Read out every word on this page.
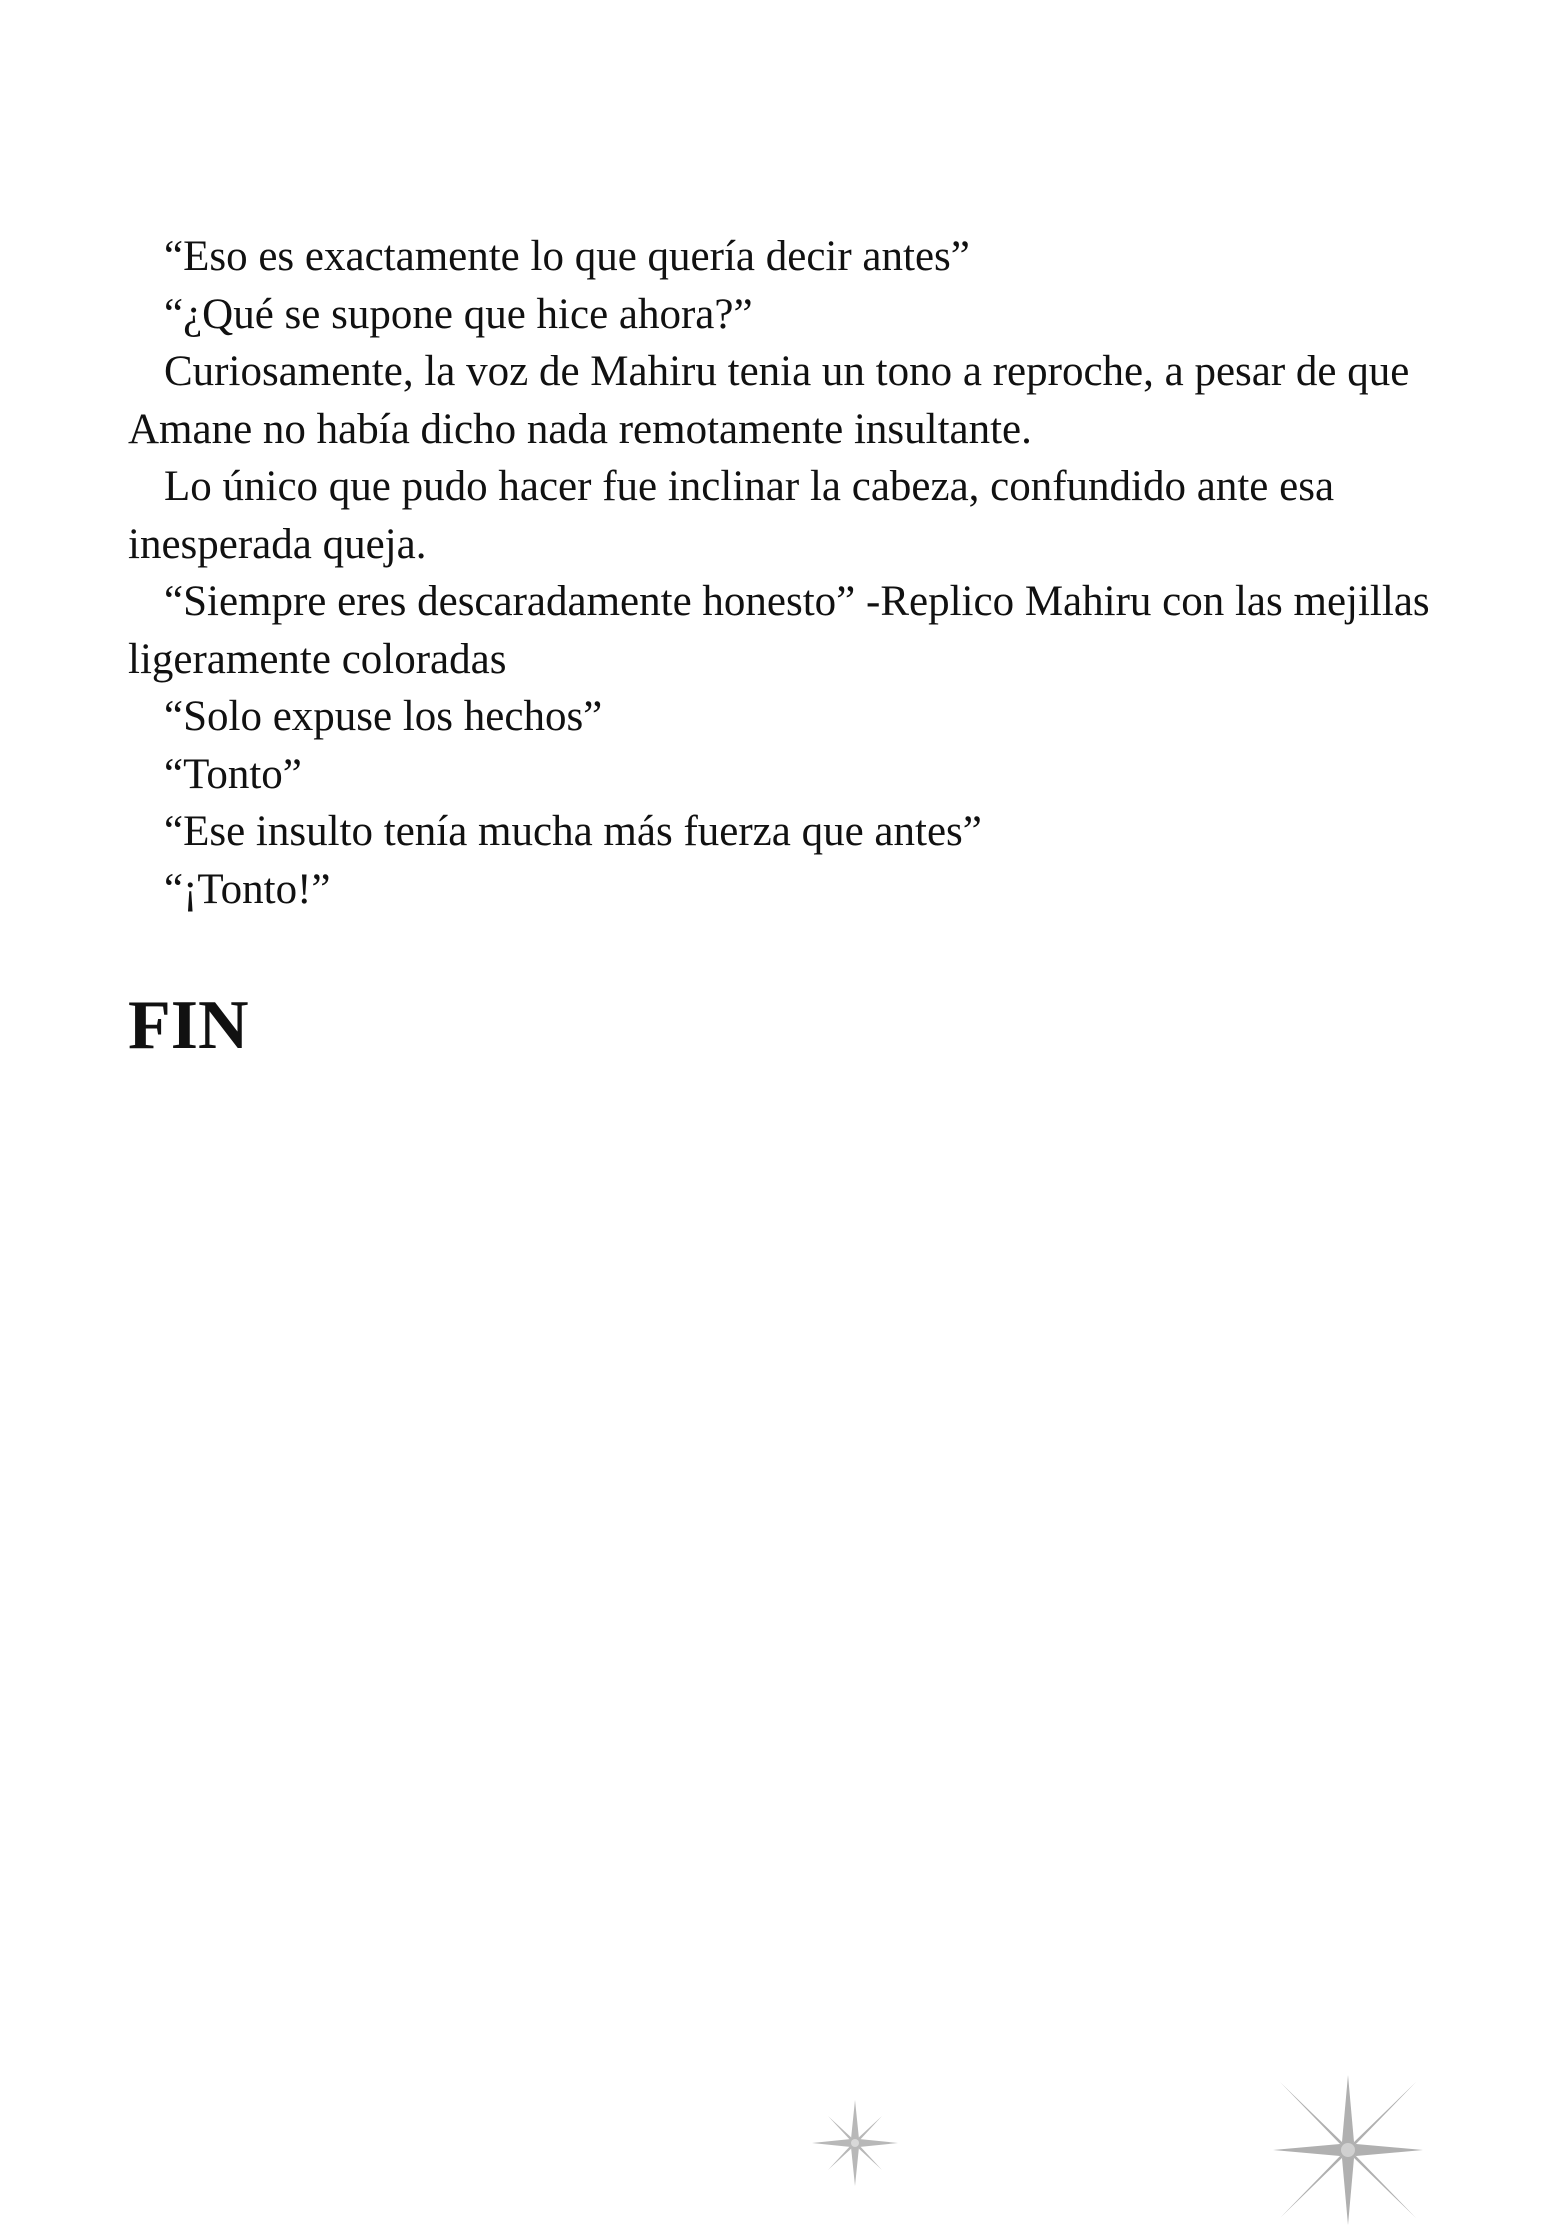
“Eso es exactamente lo que quería decir antes”

“¿Qué se supone que hice ahora?”

Curiosamente, la voz de Mahiru tenia un tono a reproche, a pesar de que Amane no había dicho nada remotamente insultante.

Lo único que pudo hacer fue inclinar la cabeza, confundido ante esa inesperada queja.

“Siempre eres descaradamente honesto” -Replico Mahiru con las mejillas ligeramente coloradas

“Solo expuse los hechos”

“Tonto”

“Ese insulto tenía mucha más fuerza que antes”

“¡Tonto!”

FIN
